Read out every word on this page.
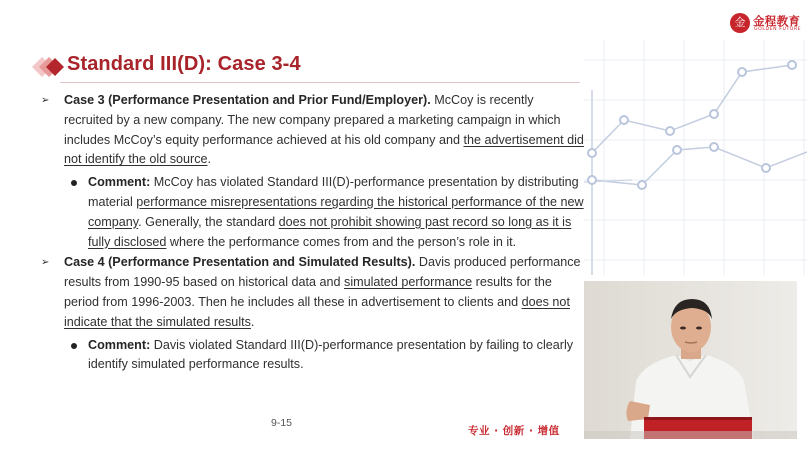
Standard III(D): Case 3-4
金 金程教育
GOLDEN FUTURE
➢ Case 3 (Performance Presentation and Prior Fund/Employer). McCoy is recently recruited by a new company. The new company prepared a marketing campaign in which includes McCoy’s equity performance achieved at his old company and the advertisement did not identify the old source.
Comment: McCoy has violated Standard III(D)-performance presentation by distributing material performance misrepresentations regarding the historical performance of the new company. Generally, the standard does not prohibit showing past record so long as it is fully disclosed where the performance comes from and the person’s role in it.
➢ Case 4 (Performance Presentation and Simulated Results). Davis produced performance results from 1990-95 based on historical data and simulated performance results for the period from 1996-2003. Then he includes all these in advertisement to clients and does not indicate that the simulated results.
Comment: Davis violated Standard III(D)-performance presentation by failing to clearly identify simulated performance results.
9-15
专业 · 创新 · 增值
